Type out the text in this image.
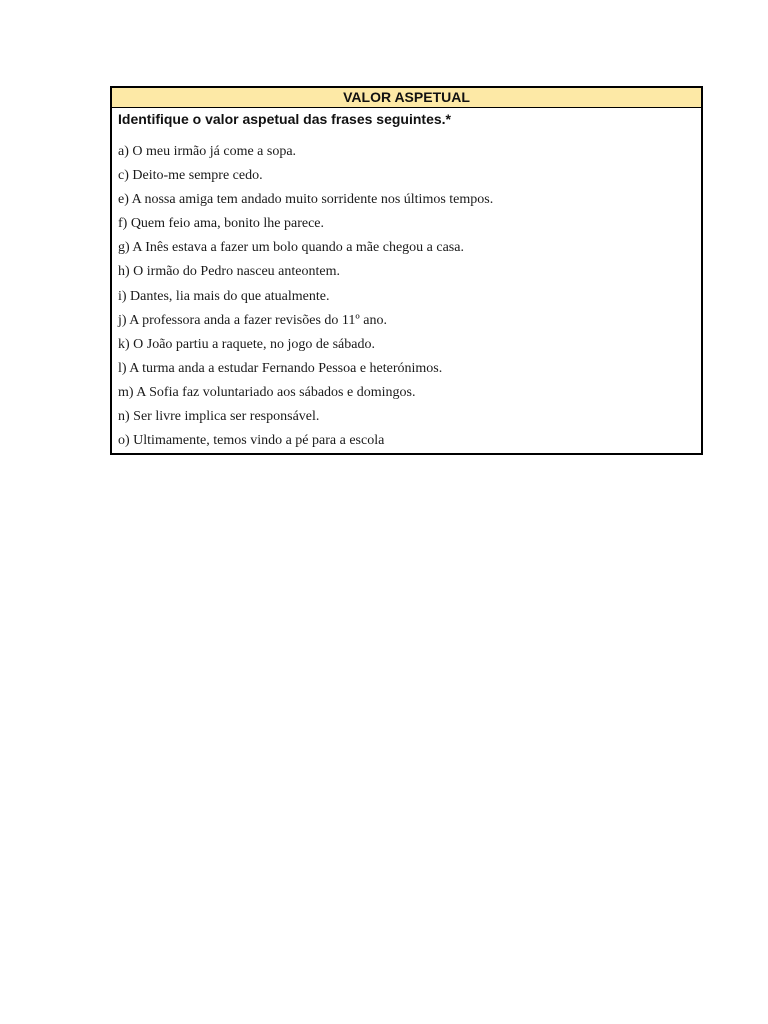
VALOR ASPETUAL
Identifique o valor aspetual das frases seguintes.*
a) O meu irmão já come a sopa.
c) Deito-me sempre cedo.
e) A nossa amiga tem andado muito sorridente nos últimos tempos.
f) Quem feio ama, bonito lhe parece.
g) A Inês estava a fazer um bolo quando a mãe chegou a casa.
h) O irmão do Pedro nasceu anteontem.
i) Dantes, lia mais do que atualmente.
j) A professora anda a fazer revisões do 11º ano.
k) O João partiu a raquete, no jogo de sábado.
l) A turma anda a estudar Fernando Pessoa e heterónimos.
m) A Sofia faz voluntariado aos sábados e domingos.
n) Ser livre implica ser responsável.
o) Ultimamente, temos vindo a pé para a escola
